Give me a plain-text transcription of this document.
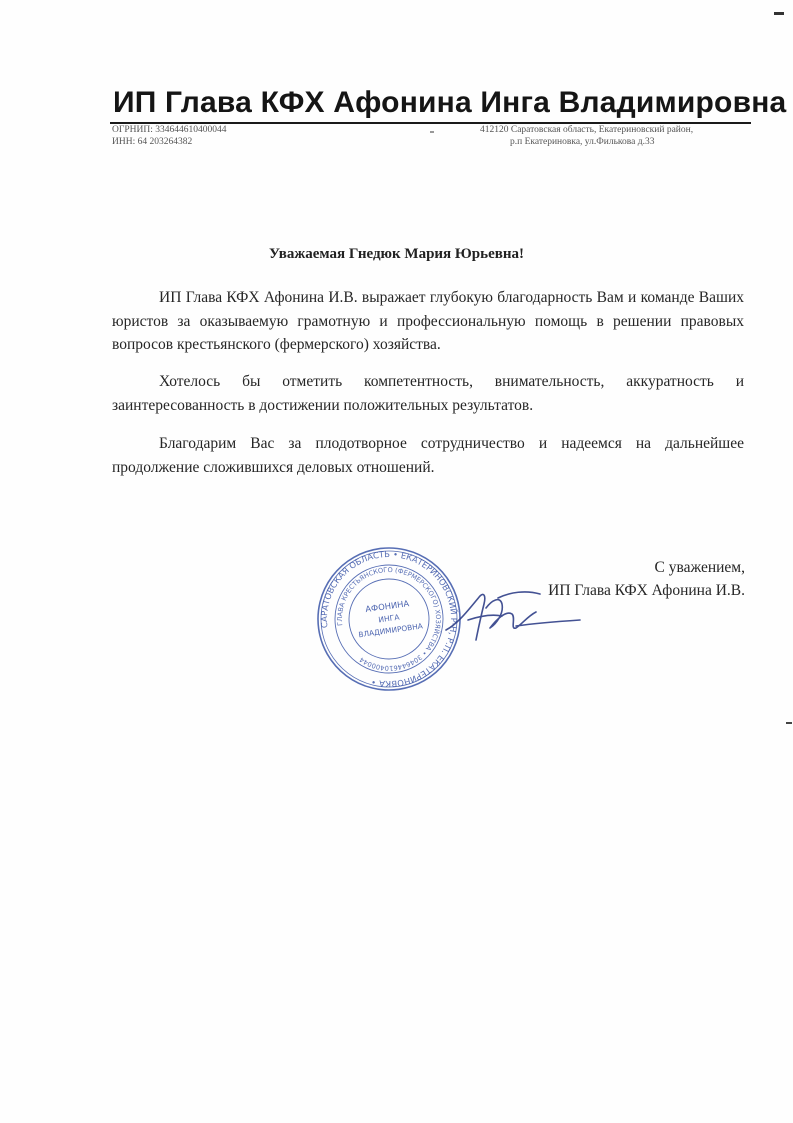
ИП Глава КФХ Афонина Инга Владимировна
ОГРНИП: 334644610400044
ИНН: 64 203264382
412120 Саратовская область, Екатериновский район,
р.п Екатериновка, ул.Филькова д.33
Уважаемая Гнедюк Мария Юрьевна!
ИП Глава КФХ Афонина И.В. выражает глубокую благодарность Вам и команде Ваших юристов за оказываемую грамотную и профессиональную помощь в решении правовых вопросов крестьянского (фермерского) хозяйства.
Хотелось бы отметить компетентность, внимательность, аккуратность и заинтересованность в достижении положительных результатов.
Благодарим Вас за плодотворное сотрудничество и надеемся на дальнейшее продолжение сложившихся деловых отношений.
С уважением,
ИП Глава КФХ Афонина И.В.
САРАТОВСКАЯ ОБЛАСТЬ • ЕКАТЕРИНОВСКИЙ Р-Н, Р.П. ЕКАТЕРИНОВКА •
ГЛАВА КРЕСТЬЯНСКОГО (ФЕРМЕРСКОГО) ХОЗЯЙСТВА • 304644610400044
АФОНИНА
ИНГА
ВЛАДИМИРОВНА
